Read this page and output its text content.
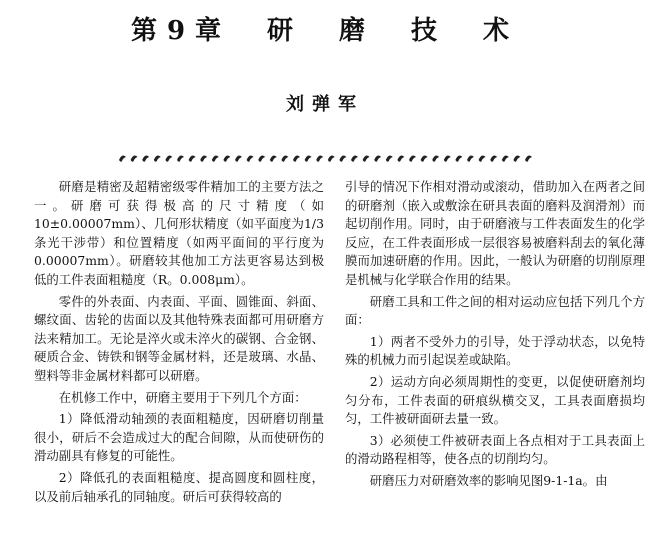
第9章　研　磨　技　术
刘弹军

研磨是精密及超精密级零件精加工的主要方法之一。研磨可获得极高的尺寸精度（如10±0.00007mm）、几何形状精度（如平面度为1/3条光干涉带）和位置精度（如两平面间的平行度为0.00007mm）。研磨较其他加工方法更容易达到极低的工件表面粗糙度（R。0.008μm）。

零件的外表面、内表面、平面、圆锥面、斜面、螺纹面、齿轮的齿面以及其他特殊表面都可用研磨方法来精加工。无论是淬火或未淬火的碳钢、合金钢、硬质合金、铸铁和钢等金属材料，还是玻璃、水晶、塑料等非金属材料都可以研磨。

在机修工作中，研磨主要用于下列几个方面：

1）降低滑动轴颈的表面粗糙度，因研磨切削量很小，研后不会造成过大的配合间隙，从而使研伤的滑动副具有修复的可能性。

2）降低孔的表面粗糙度、提高圆度和圆柱度，以及前后轴承孔的同轴度。研后可获得较高的

引导的情况下作相对滑动或滚动，借助加入在两者之间的研磨剂（嵌入或敷涂在研具表面的磨料及润滑剂）而起切削作用。同时，由于研磨液与工件表面发生的化学反应，在工件表面形成一层很容易被磨料刮去的氧化薄膜而加速研磨的作用。因此，一般认为研磨的切削原理是机械与化学联合作用的结果。

研磨工具和工件之间的相对运动应包括下列几个方面：

1）两者不受外力的引导，处于浮动状态，以免特殊的机械力而引起误差或缺陷。

2）运动方向必须周期性的变更，以促使研磨剂均匀分布，工件表面的研痕纵横交叉，工具表面磨损均匀，工件被研面研去量一致。

3）必须使工件被研表面上各点相对于工具表面上的滑动路程相等，使各点的切削均匀。

研磨压力对研磨效率的影响见图9-1-1a。由
